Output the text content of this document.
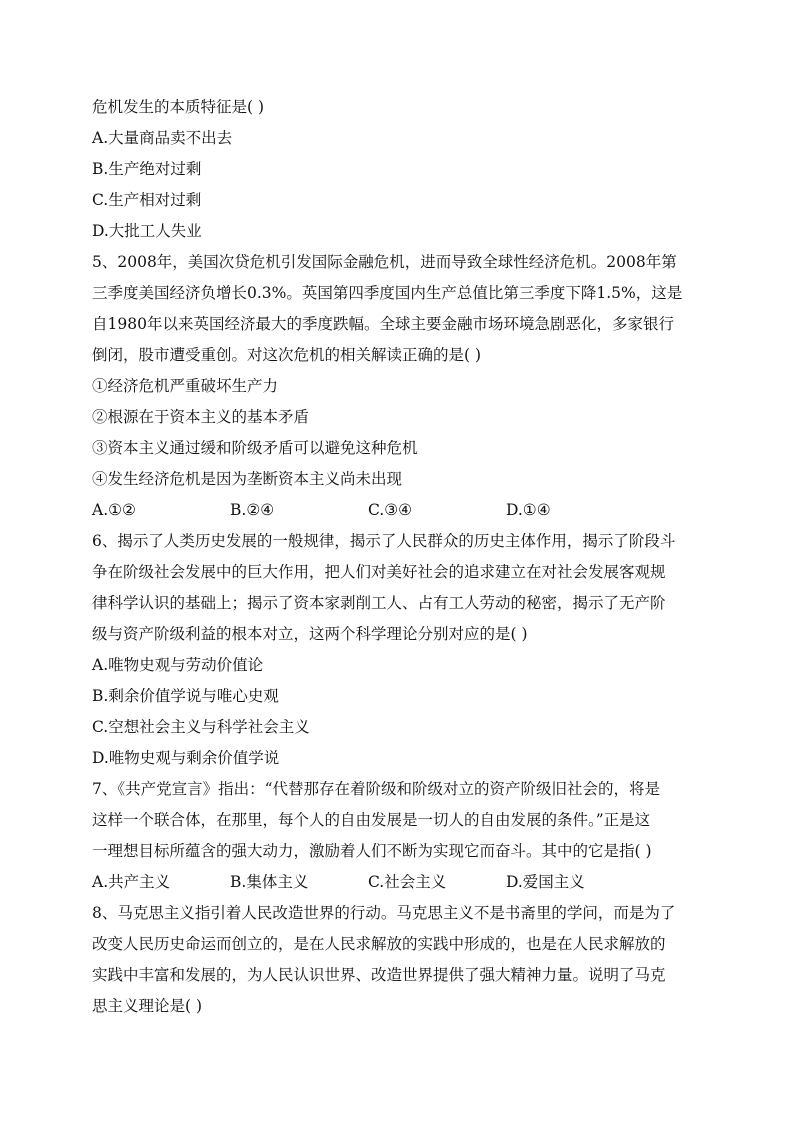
危机发生的本质特征是( )
A.大量商品卖不出去
B.生产绝对过剩
C.生产相对过剩
D.大批工人失业
5、2008年，美国次贷危机引发国际金融危机，进而导致全球性经济危机。2008年第
三季度美国经济负增长0.3%。英国第四季度国内生产总值比第三季度下降1.5%，这是
自1980年以来英国经济最大的季度跌幅。全球主要金融市场环境急剧恶化，多家银行
倒闭，股市遭受重创。对这次危机的相关解读正确的是( )
①经济危机严重破坏生产力
②根源在于资本主义的基本矛盾
③资本主义通过缓和阶级矛盾可以避免这种危机
④发生经济危机是因为垄断资本主义尚未出现
A.①②	B.②④	C.③④	D.①④
6、揭示了人类历史发展的一般规律，揭示了人民群众的历史主体作用，揭示了阶段斗
争在阶级社会发展中的巨大作用，把人们对美好社会的追求建立在对社会发展客观规
律科学认识的基础上；揭示了资本家剥削工人、占有工人劳动的秘密，揭示了无产阶
级与资产阶级利益的根本对立，这两个科学理论分别对应的是( )
A.唯物史观与劳动价值论
B.剩余价值学说与唯心史观
C.空想社会主义与科学社会主义
D.唯物史观与剩余价值学说
7、《共产党宣言》指出：“代替那存在着阶级和阶级对立的资产阶级旧社会的，将是
这样一个联合体，在那里，每个人的自由发展是一切人的自由发展的条件。”正是这
一理想目标所蕴含的强大动力，激励着人们不断为实现它而奋斗。其中的它是指( )
A.共产主义	B.集体主义	C.社会主义	D.爱国主义
8、马克思主义指引着人民改造世界的行动。马克思主义不是书斋里的学问，而是为了
改变人民历史命运而创立的，是在人民求解放的实践中形成的，也是在人民求解放的
实践中丰富和发展的，为人民认识世界、改造世界提供了强大精神力量。说明了马克
思主义理论是( )
